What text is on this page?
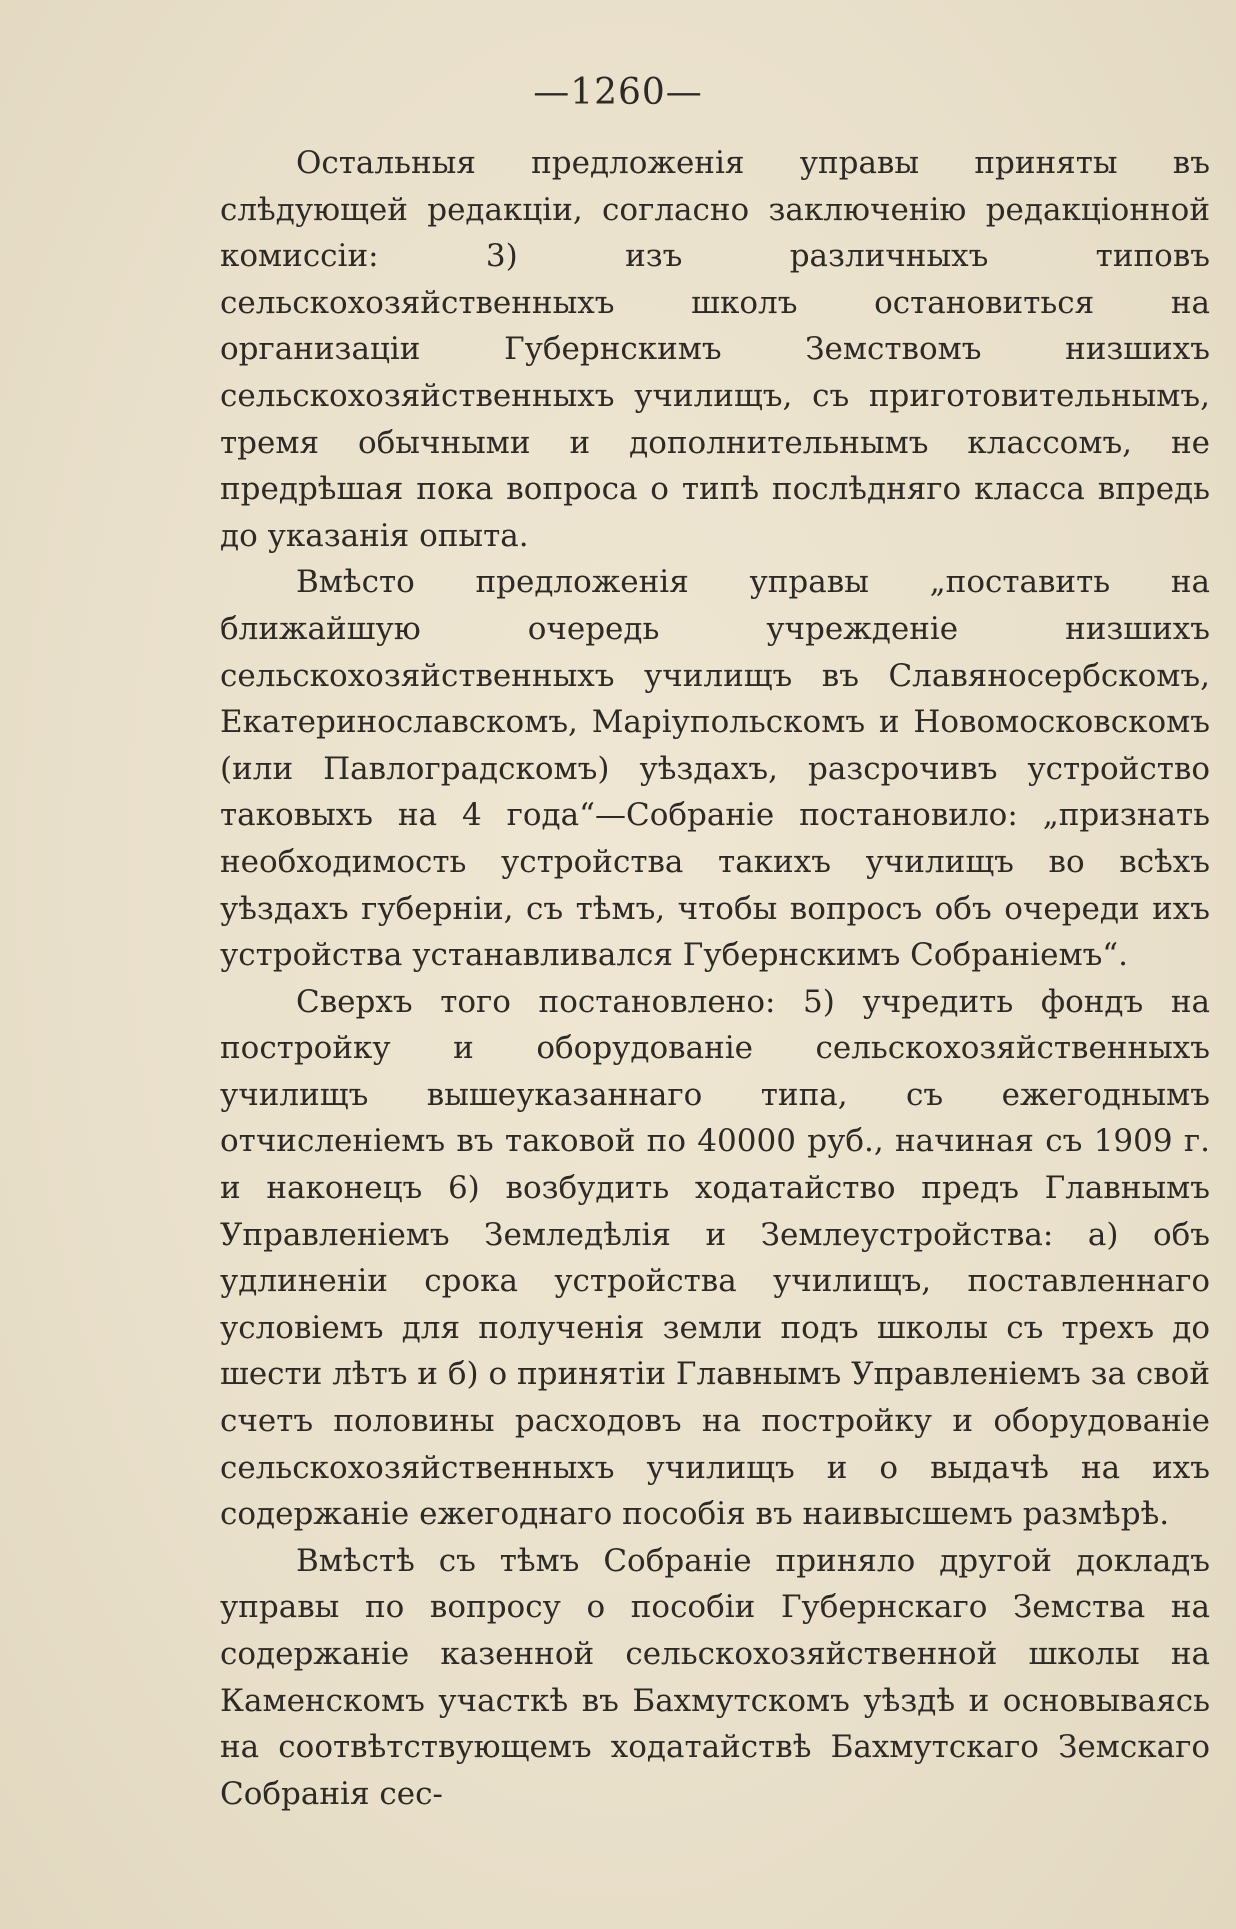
—1260—

Остальныя предложенія управы приняты въ слѣдующей редакціи, согласно заключенію редакціонной комиссіи: 3) изъ различныхъ типовъ сельскохозяйственныхъ школъ остановиться на организаціи Губернскимъ Земствомъ низшихъ сельскохозяйственныхъ училищъ, съ приготовительнымъ, тремя обычными и дополнительнымъ классомъ, не предрѣшая пока вопроса о типѣ послѣдняго класса впредь до указанія опыта.

Вмѣсто предложенія управы „поставить на ближайшую очередь учрежденіе низшихъ сельскохозяйственныхъ училищъ въ Славяносербскомъ, Екатеринославскомъ, Маріупольскомъ и Новомосковскомъ (или Павлоградскомъ) уѣздахъ, разсрочивъ устройство таковыхъ на 4 года“—Собраніе постановило: „признать необходимость устройства такихъ училищъ во всѣхъ уѣздахъ губерніи, съ тѣмъ, чтобы вопросъ объ очереди ихъ устройства устанавливался Губернскимъ Собраніемъ“.

Сверхъ того постановлено: 5) учредить фондъ на постройку и оборудованіе сельскохозяйственныхъ училищъ вышеуказаннаго типа, съ ежегоднымъ отчисленіемъ въ таковой по 40000 руб., начиная съ 1909 г. и наконецъ 6) возбудить ходатайство предъ Главнымъ Управленіемъ Земледѣлія и Землеустройства: а) объ удлиненіи срока устройства училищъ, поставленнаго условіемъ для полученія земли подъ школы съ трехъ до шести лѣтъ и б) о принятіи Главнымъ Управленіемъ за свой счетъ половины расходовъ на постройку и оборудованіе сельскохозяйственныхъ училищъ и о выдачѣ на ихъ содержаніе ежегоднаго пособія въ наивысшемъ размѣрѣ.

Вмѣстѣ съ тѣмъ Собраніе приняло другой докладъ управы по вопросу о пособіи Губернскаго Земства на содержаніе казенной сельскохозяйственной школы на Каменскомъ участкѣ въ Бахмутскомъ уѣздѣ и основываясь на соотвѣтствующемъ ходатайствѣ Бахмутскаго Земскаго Собранія сес-
